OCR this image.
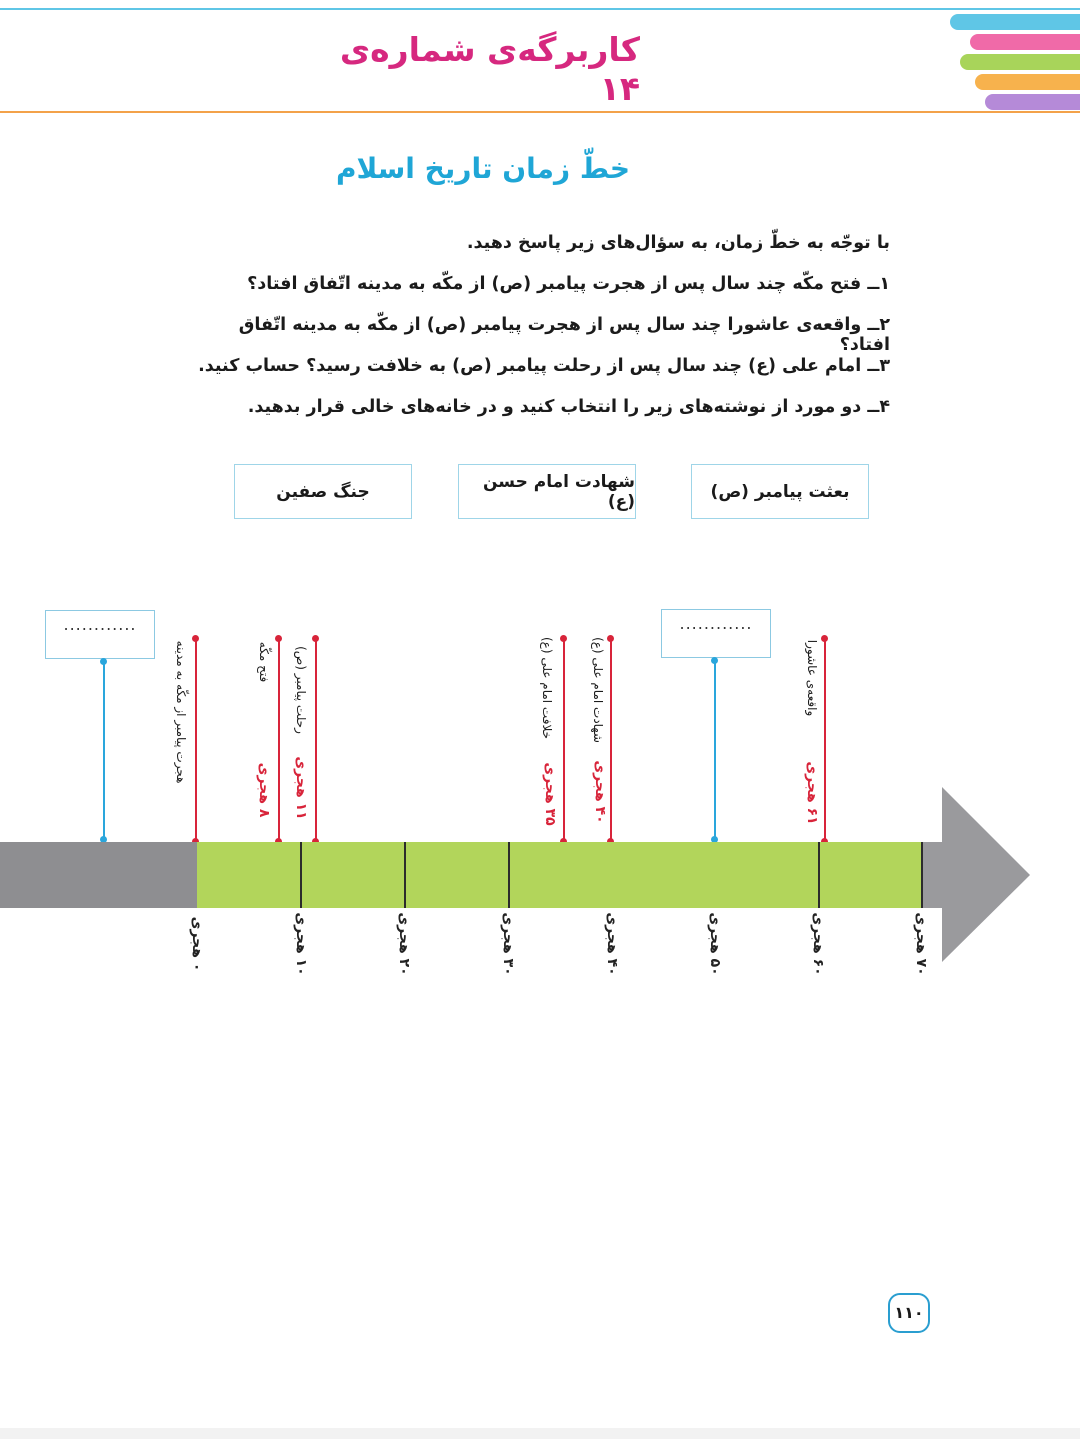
کاربرگه‌ی شماره‌ی ۱۴
خطّ زمان تاریخ اسلام
با توجّه به خطّ زمان، به سؤال‌های زیر پاسخ دهید.
۱ــ فتح مکّه چند سال پس از هجرت پیامبر (ص) از مکّه به مدینه اتّفاق افتاد؟
۲ــ واقعه‌ی عاشورا چند سال پس از هجرت پیامبر (ص) از مکّه به مدینه اتّفاق افتاد؟
۳ــ امام علی (ع) چند سال پس از رحلت پیامبر (ص) به خلافت رسید؟ حساب کنید.
۴ــ دو مورد از نوشته‌های زیر را انتخاب کنید و در خانه‌های خالی قرار بدهید.
بعثت پیامبر (ص)
شهادت امام حسن (ع)
جنگ صفین
............	............
هجرت پیامبر از مکّه به مدینه	فتح مکّه
۸ هجری
رحلت پیامبر (ص)
۱۱ هجری
خلافت امام علی (ع)
۳۵ هجری
شهادت امام علی (ع)
۴۰ هجری
واقعه‌ی عاشورا
۶۱ هجری
۰ هجری
۱۰ هجری
۲۰ هجری
۳۰ هجری
۴۰ هجری
۵۰ هجری
۶۰ هجری
۷۰ هجری
۱۱۰
